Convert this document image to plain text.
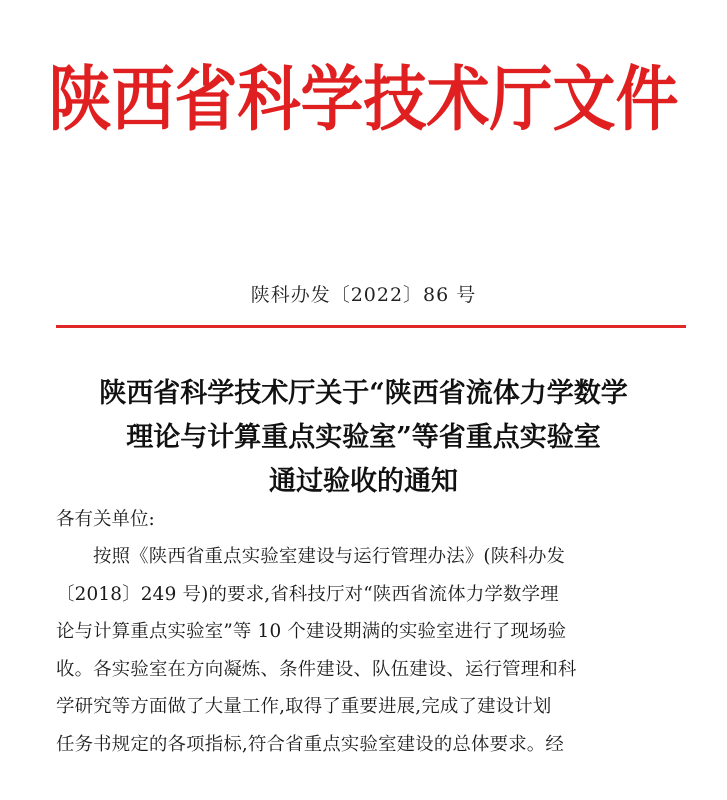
陕西省科学技术厅文件
陕科办发〔2022〕86 号
陕西省科学技术厅关于“陕西省流体力学数学
理论与计算重点实验室”等省重点实验室
通过验收的通知

各有关单位:

按照《陕西省重点实验室建设与运行管理办法》(陕科办发
〔2018〕249 号)的要求,省科技厅对“陕西省流体力学数学理
论与计算重点实验室”等 10 个建设期满的实验室进行了现场验
收。各实验室在方向凝炼、条件建设、队伍建设、运行管理和科
学研究等方面做了大量工作,取得了重要进展,完成了建设计划
任务书规定的各项指标,符合省重点实验室建设的总体要求。经
